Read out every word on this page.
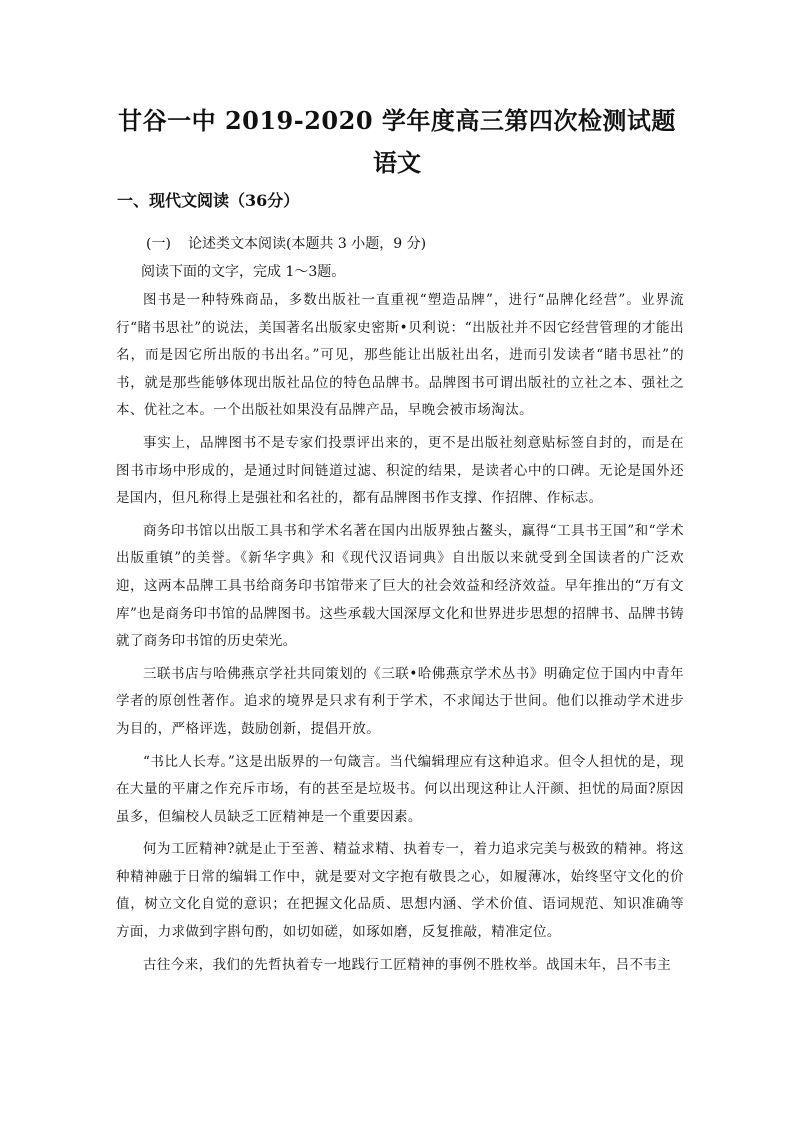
甘谷一中 2019-2020 学年度高三第四次检测试题
语文
一、现代文阅读（36分）
(一) 论述类文本阅读(本题共 3 小题，9 分)
阅读下面的文字，完成 1～3题。

图书是一种特殊商品，多数出版社一直重视“塑造品牌”，进行“品牌化经营”。业界流行“睹书思社”的说法，美国著名出版家史密斯•贝利说：“出版社并不因它经营管理的才能出名，而是因它所出版的书出名。”可见，那些能让出版社出名，进而引发读者“睹书思社”的书，就是那些能够体现出版社品位的特色品牌书。品牌图书可谓出版社的立社之本、强社之本、优社之本。一个出版社如果没有品牌产品，早晚会被市场淘汰。

事实上，品牌图书不是专家们投票评出来的，更不是出版社刻意贴标签自封的，而是在图书市场中形成的，是通过时间链道过滤、积淀的结果，是读者心中的口碑。无论是国外还是国内，但凡称得上是强社和名社的，都有品牌图书作支撑、作招牌、作标志。

商务印书馆以出版工具书和学术名著在国内出版界独占鳌头，赢得“工具书王国”和“学术出版重镇”的美誉。《新华字典》和《现代汉语词典》自出版以来就受到全国读者的广泛欢迎，这两本品牌工具书给商务印书馆带来了巨大的社会效益和经济效益。早年推出的“万有文库”也是商务印书馆的品牌图书。这些承载大国深厚文化和世界进步思想的招牌书、品牌书铸就了商务印书馆的历史荣光。

三联书店与哈佛燕京学社共同策划的《三联•哈佛燕京学术丛书》明确定位于国内中青年学者的原创性著作。追求的境界是只求有利于学术，不求闻达于世间。他们以推动学术进步为目的，严格评选，鼓励创新，提倡开放。

“书比人长寿。”这是出版界的一句箴言。当代编辑理应有这种追求。但令人担忧的是，现在大量的平庸之作充斥市场，有的甚至是垃圾书。何以出现这种让人汗颜、担忧的局面?原因虽多，但编校人员缺乏工匠精神是一个重要因素。

何为工匠精神?就是止于至善、精益求精、执着专一，着力追求完美与极致的精神。将这种精神融于日常的编辑工作中，就是要对文字抱有敬畏之心，如履薄冰，始终坚守文化的价值，树立文化自觉的意识；在把握文化品质、思想内涵、学术价值、语词规范、知识准确等方面，力求做到字斟句酌，如切如磋，如琢如磨，反复推敲，精准定位。

古往今来，我们的先哲执着专一地践行工匠精神的事例不胜枚举。战国末年，吕不韦主
